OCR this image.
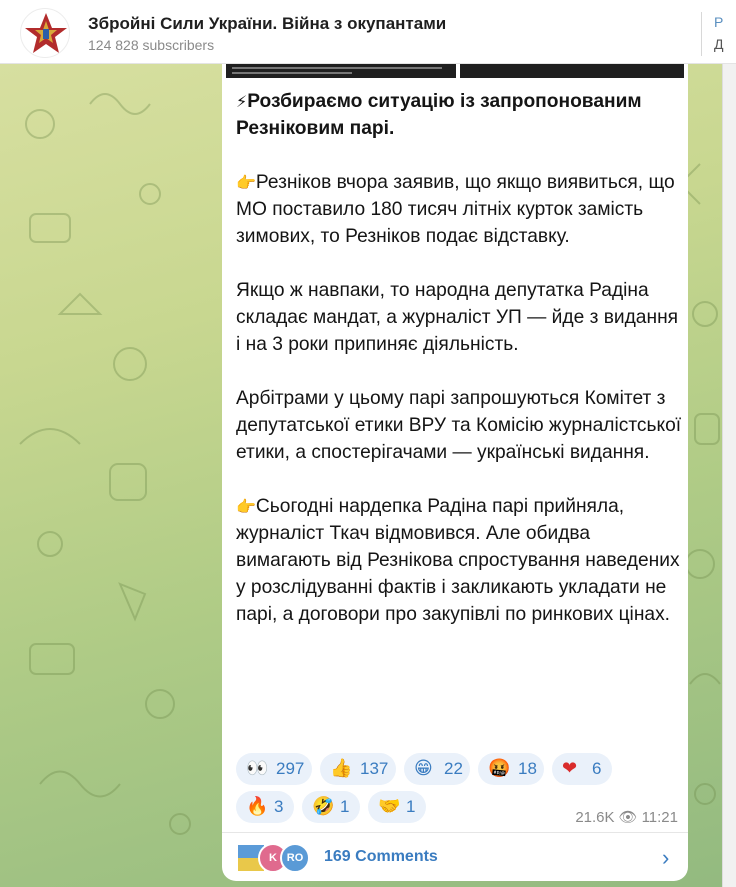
Збройні Сили України. Війна з окупантами
124 828 subscribers
Р
Д

⚡Розбираємо ситуацію із запропонованим Резніковим парі.

👉Резніков вчора заявив, що якщо виявиться, що МО поставило 180 тисяч літніх курток замість зимових, то Резніков подає відставку.

Якщо ж навпаки, то народна депутатка Радіна складає мандат, а журналіст УП — йде з видання і на 3 роки припиняє діяльність.

Арбітрами у цьому парі запрошуються Комітет з депутатської етики ВРУ та Комісію журналістської етики, а спостерігачами — українські видання.

👉Сьогодні нардепка Радіна парі прийняла, журналіст Ткач відмовився. Але обидва вимагають від Резнікова спростування наведених у розслідуванні фактів і закликають укладати не парі, а договори про закупівлі по ринкових цінах.

👀 297 👍 137 😁 22 🤬 18 ❤ 6
🔥 3 🤣 1 🤝 1
21.6K 👁 11:21
K RO	169 Comments	›
